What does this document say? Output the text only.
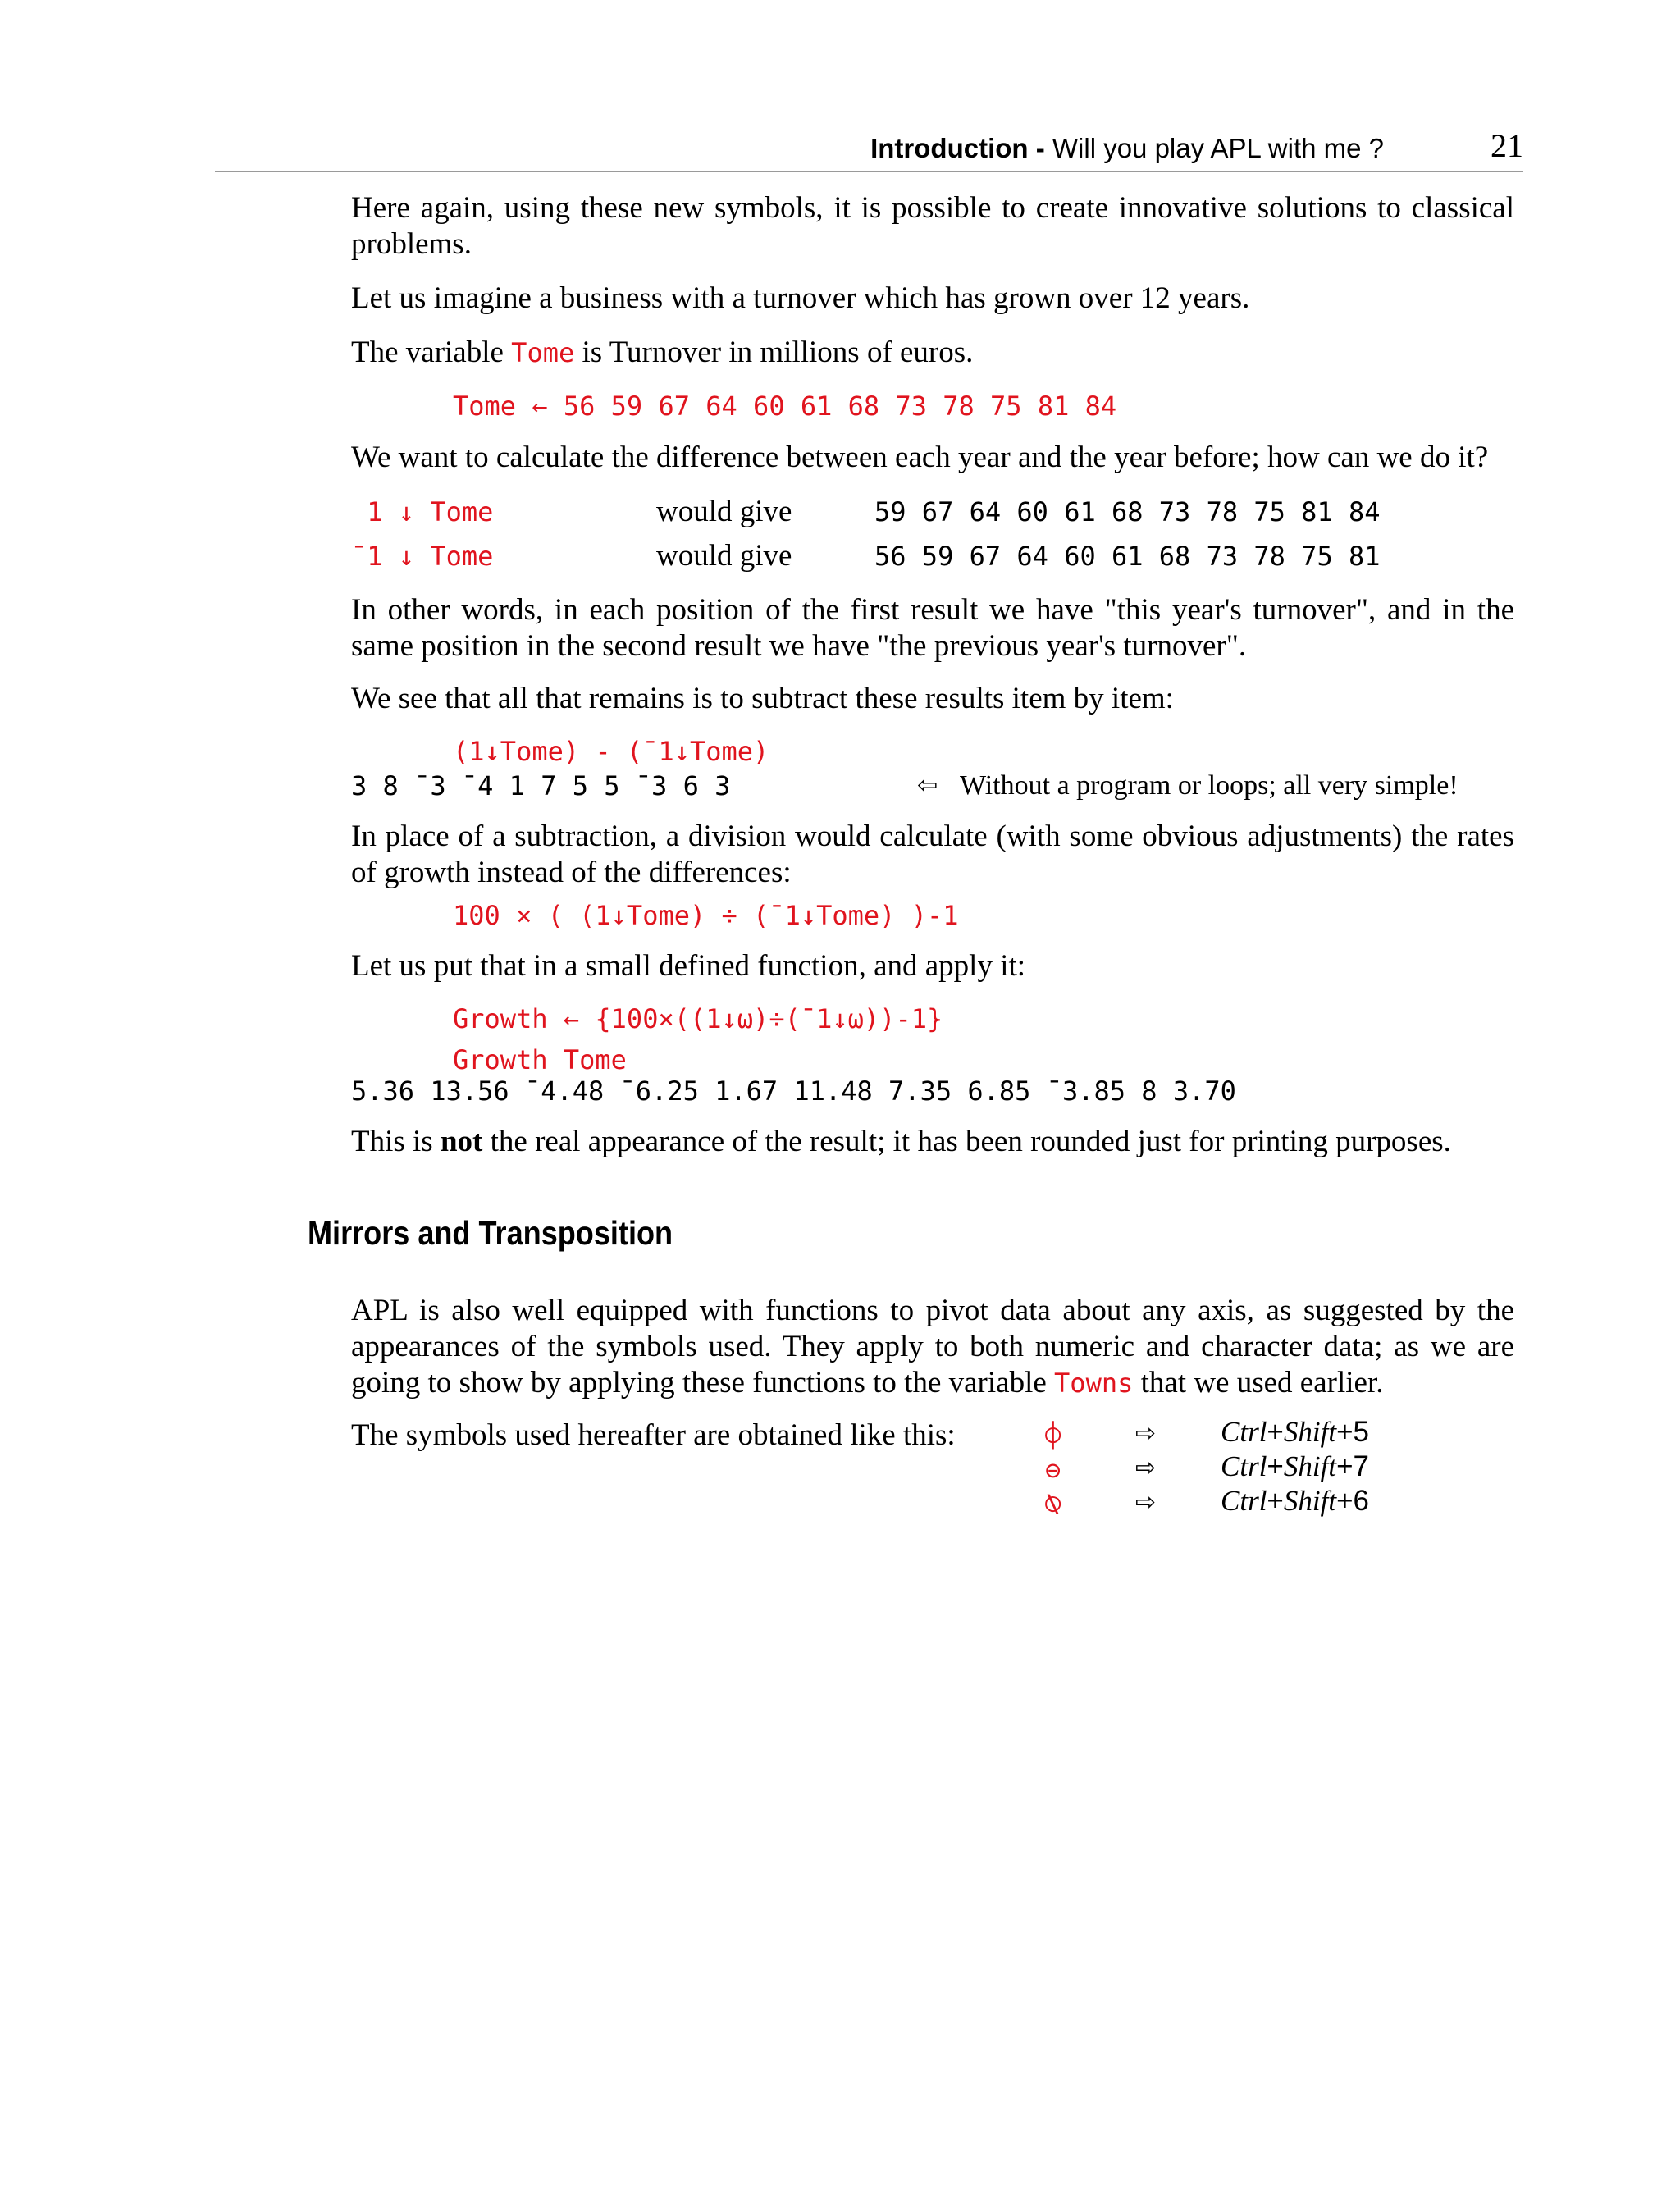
Introduction - Will you play APL with me ?	21
Here again, using these new symbols, it is possible to create innovative solutions to classical problems.
Let us imagine a business with a turnover which has grown over 12 years.
The variable Tome is Turnover in millions of euros.
Tome ← 56 59 67 64 60 61 68 73 78 75 81 84
We want to calculate the difference between each year and the year before; how can we do it?
1 ↓ Tome	would give	59 67 64 60 61 68 73 78 75 81 84
¯1 ↓ Tome	would give	56 59 67 64 60 61 68 73 78 75 81
In other words, in each position of the first result we have "this year's turnover", and in the same position in the second result we have "the previous year's turnover".
We see that all that remains is to subtract these results item by item:
(1↓Tome) - (¯1↓Tome)
3 8 ¯3 ¯4 1 7 5 5 ¯3 6 3	⇦ Without a program or loops; all very simple!
In place of a subtraction, a division would calculate (with some obvious adjustments) the rates of growth instead of the differences:
100 × ( (1↓Tome) ÷ (¯1↓Tome) )-1
Let us put that in a small defined function, and apply it:
Growth ← {100×((1↓⍵)÷(¯1↓⍵))-1}
Growth Tome
5.36 13.56 ¯4.48 ¯6.25 1.67 11.48 7.35 6.85 ¯3.85 8 3.70
This is not the real appearance of the result; it has been rounded just for printing purposes.
Mirrors and Transposition
APL is also well equipped with functions to pivot data about any axis, as suggested by the appearances of the symbols used. They apply to both numeric and character data; as we are going to show by applying these functions to the variable Towns that we used earlier.
The symbols used hereafter are obtained like this:	⌽	⇨ Ctrl+Shift+5
⊖	⇨ Ctrl+Shift+7
⍉	⇨ Ctrl+Shift+6
